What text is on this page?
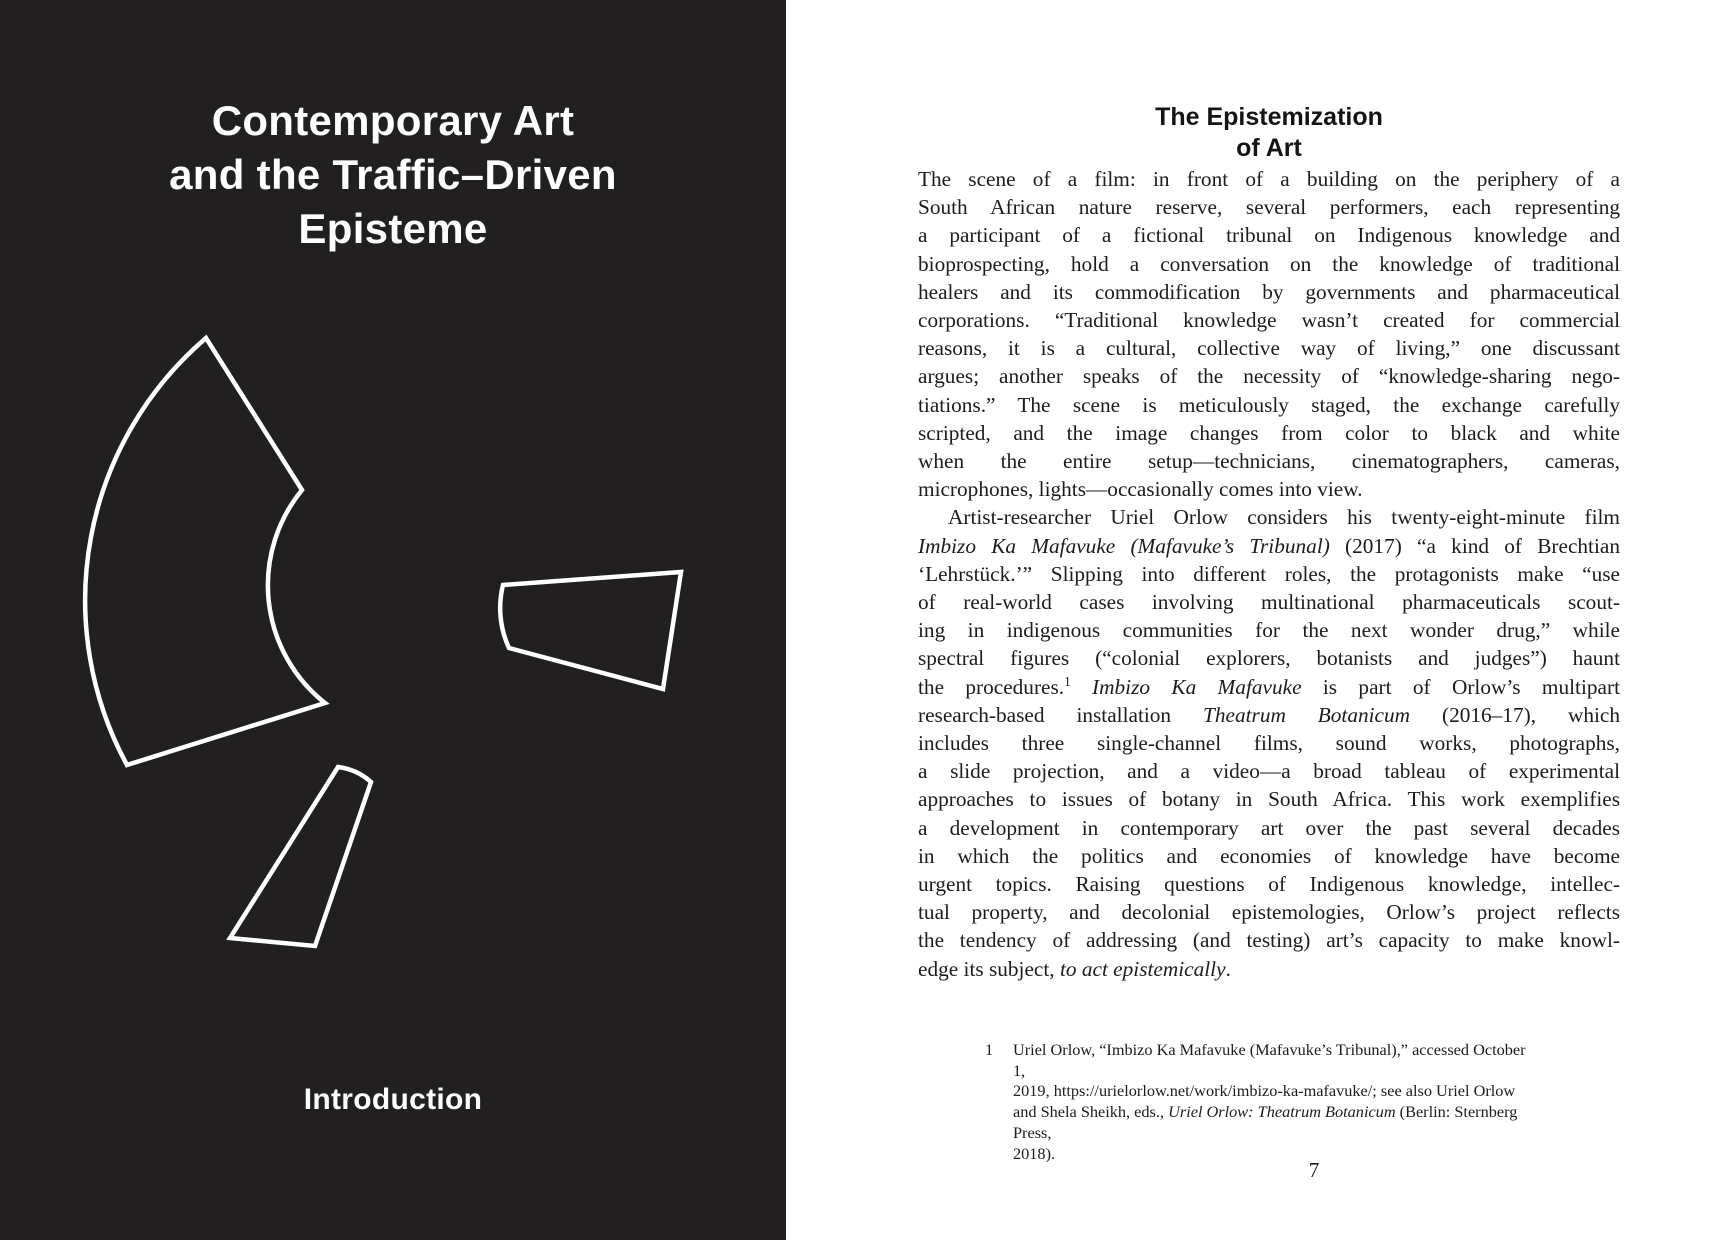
Contemporary Art
and the Traffic–Driven
Episteme
Introduction
The Epistemization
of Art
The scene of a film: in front of a building on the periphery of a
South African nature reserve, several performers, each representing
a participant of a fictional tribunal on Indigenous knowledge and
bioprospecting, hold a conversation on the knowledge of traditional
healers and its commodification by governments and pharmaceutical
corporations. “Traditional knowledge wasn’t created for commercial
reasons, it is a cultural, collective way of living,” one discussant
argues; another speaks of the necessity of “knowledge-sharing nego-
tiations.” The scene is meticulously staged, the exchange carefully
scripted, and the image changes from color to black and white
when the entire setup—technicians, cinematographers, cameras,
microphones, lights—occasionally comes into view.
Artist-researcher Uriel Orlow considers his twenty-eight-minute film
Imbizo Ka Mafavuke (Mafavuke’s Tribunal) (2017) “a kind of Brechtian
‘Lehrstück.’” Slipping into different roles, the protagonists make “use
of real-world cases involving multinational pharmaceuticals scout-
ing in indigenous communities for the next wonder drug,” while
spectral figures (“colonial explorers, botanists and judges”) haunt
the procedures.$^1$ Imbizo Ka Mafavuke is part of Orlow’s multipart
research-based installation Theatrum Botanicum (2016–17), which
includes three single-channel films, sound works, photographs,
a slide projection, and a video—a broad tableau of experimental
approaches to issues of botany in South Africa. This work exemplifies
a development in contemporary art over the past several decades
in which the politics and economies of knowledge have become
urgent topics. Raising questions of Indigenous knowledge, intellec-
tual property, and decolonial epistemologies, Orlow’s project reflects
the tendency of addressing (and testing) art’s capacity to make knowl-
edge its subject, to act epistemically.
1 Uriel Orlow, “Imbizo Ka Mafavuke (Mafavuke’s Tribunal),” accessed October 1,
2019, https://urielorlow.net/work/imbizo-ka-mafavuke/; see also Uriel Orlow
and Shela Sheikh, eds., Uriel Orlow: Theatrum Botanicum (Berlin: Sternberg Press,
2018).
7
